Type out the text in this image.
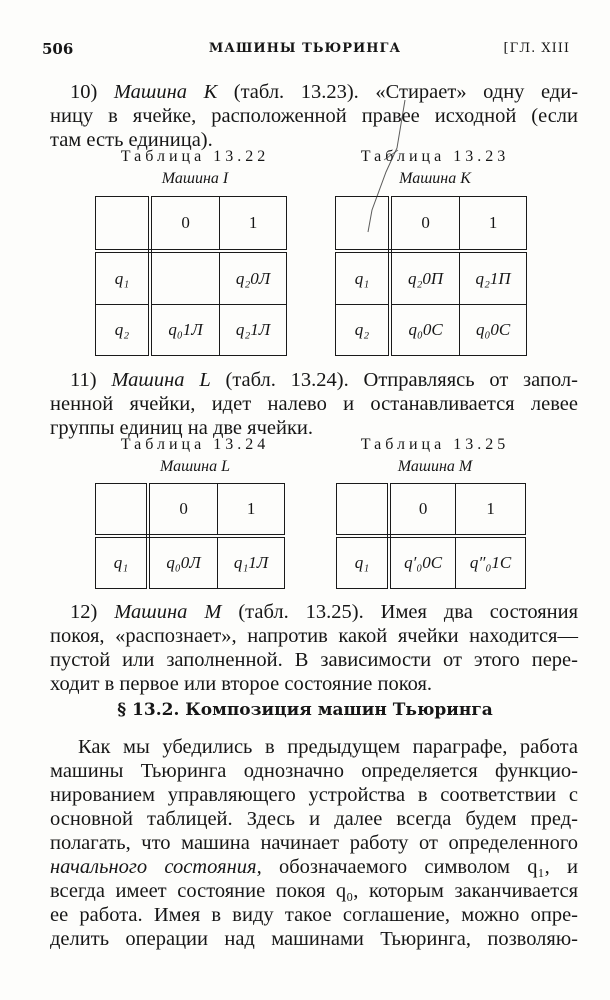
506	МАШИНЫ ТЬЮРИНГА	[ГЛ. XIII
10) Машина К (табл. 13.23). «Стирает» одну еди-
ницу в ячейке, расположенной правее исходной (если
там есть единица).
Таблица 13.22
Машина I
Таблица 13.23
Машина K
	0	1
q₁		q₂0Л
q₂	q₀1Л	q₂1Л
	0	1
q₁	q₂0П	q₂1П
q₂	q₀0С	q₀0С
11) Машина L (табл. 13.24). Отправляясь от запол-
ненной ячейки, идет налево и останавливается левее
группы единиц на две ячейки.
Таблица 13.24
Машина L
Таблица 13.25
Машина M
	0	1
q₁	q₀0Л	q₁1Л
	0	1
q₁	q′₀0С	q″₀1С
12) Машина М (табл. 13.25). Имея два состояния
покоя, «распознает», напротив какой ячейки находится—
пустой или заполненной. В зависимости от этого пере-
ходит в первое или второе состояние покоя.
§ 13.2. Композиция машин Тьюринга
Как мы убедились в предыдущем параграфе, работа
машины Тьюринга однозначно определяется функцио-
нированием управляющего устройства в соответствии с
основной таблицей. Здесь и далее всегда будем пред-
полагать, что машина начинает работу от определенного
начального состояния, обозначаемого символом q₁, и
всегда имеет состояние покоя q₀, которым заканчивается
ее работа. Имея в виду такое соглашение, можно опре-
делить операции над машинами Тьюринга, позволяю-
